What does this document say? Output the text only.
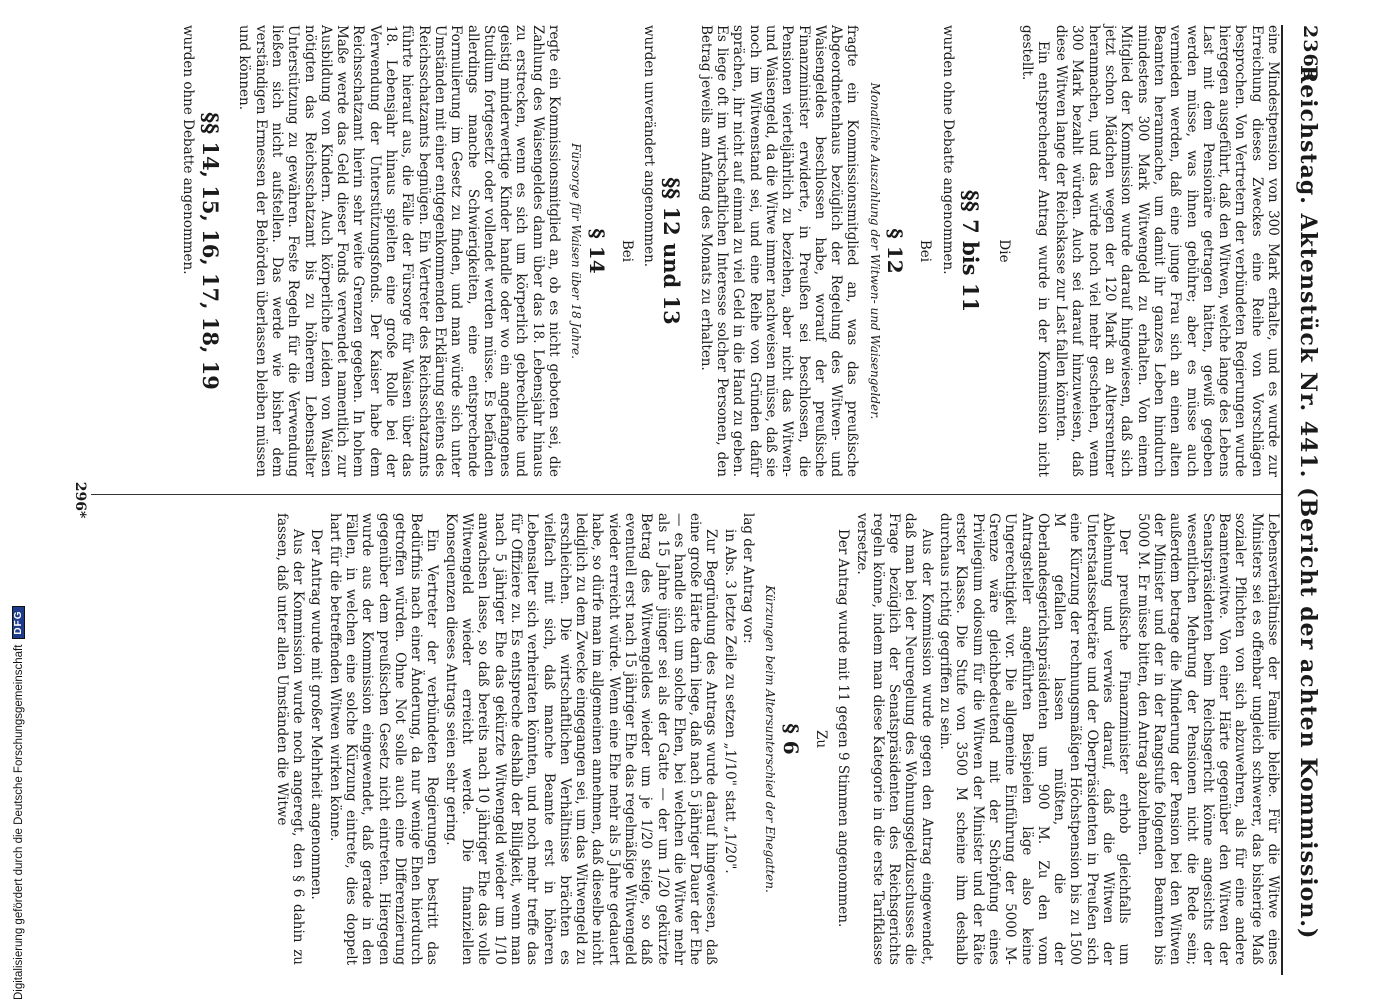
2363
Reichstag. Aktenstück Nr. 441. (Bericht der achten Kommission.)
eine Mindestpension von 300 Mark erhalte, und es wurde zur Erreichung dieses Zweckes eine Reihe von Vorschlägen besprochen. Von Vertretern der verbündeten Regierungen wurde hiergegen ausgeführt, daß den Witwen, welche lange des Lebens Last mit dem Pensionäre getragen hätten, gewiß gegeben werden müsse, was ihnen gebühre; aber es müsse auch vermieden werden, daß eine junge Frau sich an einen alten Beamten heranmache, um damit ihr ganzes Leben hindurch mindestens 300 Mark Witwengeld zu erhalten. Von einem Mitglied der Kommission wurde darauf hingewiesen, daß sich jetzt schon Mädchen wegen der 120 Mark an Altersrentner heranmachen, und das würde noch viel mehr geschehen, wenn 300 Mark bezahlt würden. Auch sei darauf hinzuweisen, daß diese Witwen lange der Reichskasse zur Last fallen könnten.
Ein entsprechender Antrag wurde in der Kommission nicht gestellt.
Die
§§ 7 bis 11
wurden ohne Debatte angenommen.
Bei
§ 12
Monatliche Auszahlung der Witwen- und Waisengelder.
fragte ein Kommissionsmitglied an, was das preußische Abgeordnetenhaus bezüglich der Regelung des Witwen- und Waisengeldes beschlossen habe, worauf der preußische Finanzminister erwiderte, in Preußen sei beschlossen, die Pensionen vierteljährlich zu beziehen, aber nicht das Witwen- und Waisengeld, da die Witwe immer nachweisen müsse, daß sie noch im Witwenstand sei, und eine Reihe von Gründen dafür sprächen, ihr nicht auf einmal zu viel Geld in die Hand zu geben. Es liege oft im wirtschaftlichen Interesse solcher Personen, den Betrag jeweils am Anfang des Monats zu erhalten.
§§ 12 und 13
wurden unverändert angenommen.
Bei
§ 14
Fürsorge für Waisen über 18 Jahre.
regte ein Kommissionsmitglied an, ob es nicht geboten sei, die Zahlung des Waisengeldes dann über das 18. Lebensjahr hinaus zu erstrecken, wenn es sich um körperlich gebrechliche und geistig minderwertige Kinder handle oder wo ein angefangenes Studium fortgesetzt oder vollendet werden müsse. Es befänden allerdings manche Schwierigkeiten, eine entsprechende Formulierung im Gesetz zu finden, und man würde sich unter Umständen mit einer entgegenkommenden Erklärung seitens des Reichsschatzamts begnügen. Ein Vertreter des Reichsschatzamts führte hierauf aus, die Fälle der Fürsorge für Waisen über das 18. Lebensjahr hinaus spielten eine große Rolle bei der Verwendung der Unterstützungsfonds. Der Kaiser habe dem Reichsschatzamt hierin sehr weite Grenzen gegeben. In hohem Maße werde das Geld dieser Fonds verwendet namentlich zur Ausbildung von Kindern. Auch körperliche Leiden von Waisen nötigten das Reichsschatzamt bis zu höherem Lebensalter Unterstützung zu gewähren. Feste Regeln für die Verwendung ließen sich nicht aufstellen. Das werde wie bisher dem verständigen Ermessen der Behörden überlassen bleiben müssen und können.
§§ 14, 15, 16, 17, 18, 19
wurden ohne Debatte angenommen.
Lebensverhältnisse der Familie bleibe. Für die Witwe eines Ministers sei es offenbar ungleich schwerer, das bisherige Maß sozialer Pflichten von sich abzuwehren, als für eine andere Beamtenwitwe. Von einer Härte gegenüber den Witwen der Senatspräsidenten beim Reichsgericht könne angesichts der wesentlichen Mehrung der Pensionen nicht die Rede sein; außerdem betrage die Minderung der Pension bei den Witwen der Minister und der in der Rangstufe folgenden Beamten bis 5000 M. Er müsse bitten, den Antrag abzulehnen.
Der preußische Finanzminister erhob gleichfalls um Ablehnung und verwies darauf, daß die Witwen der Unterstaatssekretäre und der Oberpräsidenten in Preußen sich eine Kürzung der rechnungsmäßigen Höchstpension bis zu 1500 M gefallen lassen müßten, die der Oberlandesgerichtspräsidenten um 900 M. Zu den vom Antragsteller angeführten Beispielen läge also keine Ungerechtigkeit vor. Die allgemeine Einführung der 5000 M-Grenze wäre gleichbedeutend mit der Schöpfung eines Privilegium odiosum für die Witwen der Minister und der Räte erster Klasse. Die Stufe von 3500 M scheine ihm deshalb durchaus richtig gegriffen zu sein.
Aus der Kommission wurde gegen den Antrag eingewendet, daß man bei der Neuregelung des Wohnungsgeldzuschusses die Frage bezüglich der Senatspräsidenten des Reichsgerichts regeln könne, indem man diese Kategorie in die erste Tarifklasse versetze.
Der Antrag wurde mit 11 gegen 9 Stimmen angenommen.
Zu
§ 6
Kürzungen beim Altersunterschied der Ehegatten.
lag der Antrag vor:
in Abs. 3 letzte Zeile zu setzen „1/10" statt „1/20".
Zur Begründung des Antrags wurde darauf hingewiesen, daß eine große Härte darin liege, daß nach 5 jähriger Dauer der Ehe — es handle sich um solche Ehen, bei welchen die Witwe mehr als 15 Jahre jünger sei als der Gatte — der um 1/20 gekürzte Betrag des Witwengeldes wieder um je 1/20 steige, so daß eventuell erst nach 15 jähriger Ehe das regelmäßige Witwengeld wieder erreicht würde. Wenn eine Ehe mehr als 5 Jahre gedauert habe, so dürfe man im allgemeinen annehmen, daß dieselbe nicht lediglich zu dem Zwecke eingegangen sei, um das Witwengeld zu erschleichen. Die wirtschaftlichen Verhältnisse brächten es vielfach mit sich, daß manche Beamte erst in höheren Lebensalter sich verheiraten könnten, und noch mehr treffe das für Offiziere zu. Es entspreche deshalb der Billigkeit, wenn man nach 5 jähriger Ehe das gekürzte Witwengeld wieder um 1/10 anwachsen lasse, so daß bereits nach 10 jähriger Ehe das volle Witwengeld wieder erreicht werde. Die finanziellen Konsequenzen dieses Antrags seien sehr gering.
Ein Vertreter der verbündeten Regierungen bestritt das Bedürfnis nach einer Änderung, da nur wenige Ehen hierdurch getroffen würden. Ohne Not solle auch eine Differenzierung gegenüber dem preußischen Gesetz nicht eintreten. Hiergegen wurde aus der Kommission eingewendet, daß gerade in den Fällen, in welchen eine solche Kürzung eintrete, dies doppelt hart für die betreffenden Witwen wirken könne.
Der Antrag wurde mit großer Mehrheit angenommen.
Aus der Kommission wurde noch angeregt, den § 6 dahin zu fassen, daß unter allen Umständen die Witwe
296*
Digitalisierung gefördert durch die Deutsche Forschungsgemeinschaft
DFG
